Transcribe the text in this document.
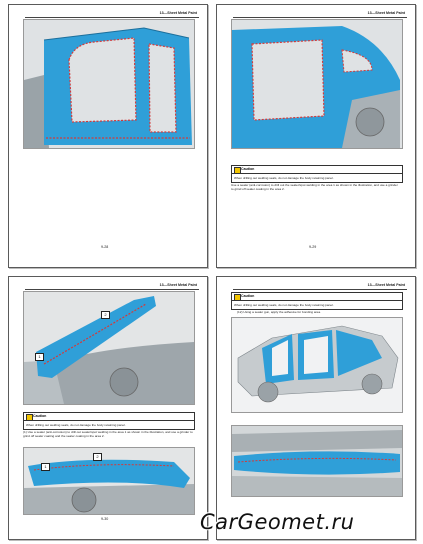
13—Sheet Metal Paint
9-28
13—Sheet Metal Paint
Caution
When drilling out welding seals, do not damage the body retaining panel.
Use a sealer (anti-corrosion) to drill out the sealer/spot welding in the area 1 as shown in the illustration, and use a grinder to grind off sealer coating in the area 2.
9-29
13—Sheet Metal Paint
2
1
Caution
When drilling out welding seals, do not damage the body retaining panel.
(1) Use a sealer (anti-corrosion) to drill out sealer/spot welding in the area 1 as shown in the illustration, and use a grinder to grind off sealer coating and the sealer coating in the area 2.
1
2
9-30
13—Sheet Metal Paint
Caution
When drilling out welding seals, do not damage the body retaining panel.
(12) Using a sealer gun, apply the adhesive for bonding area.
CarGeomet.ru
